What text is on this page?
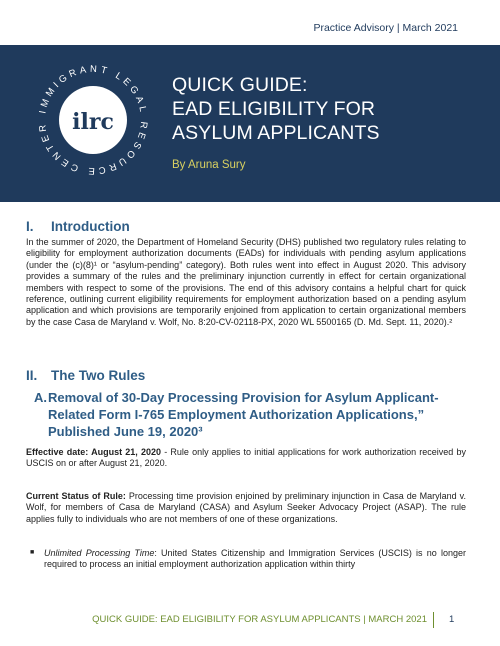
Practice Advisory | March 2021
ilrc
IMMIGRANT LEGAL RESOURCE CENTER
QUICK GUIDE:
EAD ELIGIBILITY FOR
ASYLUM APPLICANTS
By Aruna Sury
I.	Introduction

In the summer of 2020, the Department of Homeland Security (DHS) published two regulatory rules relating to eligibility for employment authorization documents (EADs) for individuals with pending asylum applications (under the (c)(8)¹ or “asylum-pending” category). Both rules went into effect in August 2020. This advisory provides a summary of the rules and the preliminary injunction currently in effect for certain organizational members with respect to some of the provisions. The end of this advisory contains a helpful chart for quick reference, outlining current eligibility requirements for employment authorization based on a pending asylum application and which provisions are temporarily enjoined from application to certain organizational members by the case Casa de Maryland v. Wolf, No. 8:20-CV-02118-PX, 2020 WL 5500165 (D. Md. Sept. 11, 2020).²

II. The Two Rules
A. Removal of 30-Day Processing Provision for Asylum Applicant-
Related Form I-765 Employment Authorization Applications,”
Published June 19, 2020³

Effective date: August 21, 2020 - Rule only applies to initial applications for work authorization received by USCIS on or after August 21, 2020.

Current Status of Rule: Processing time provision enjoined by preliminary injunction in Casa de Maryland v. Wolf, for members of Casa de Maryland (CASA) and Asylum Seeker Advocacy Project (ASAP). The rule applies fully to individuals who are not members of one of these organizations.

■	Unlimited Processing Time: United States Citizenship and Immigration Services (USCIS) is no longer required to process an initial employment authorization application within thirty

QUICK GUIDE: EAD ELIGIBILITY FOR ASYLUM APPLICANTS | MARCH 2021 1
